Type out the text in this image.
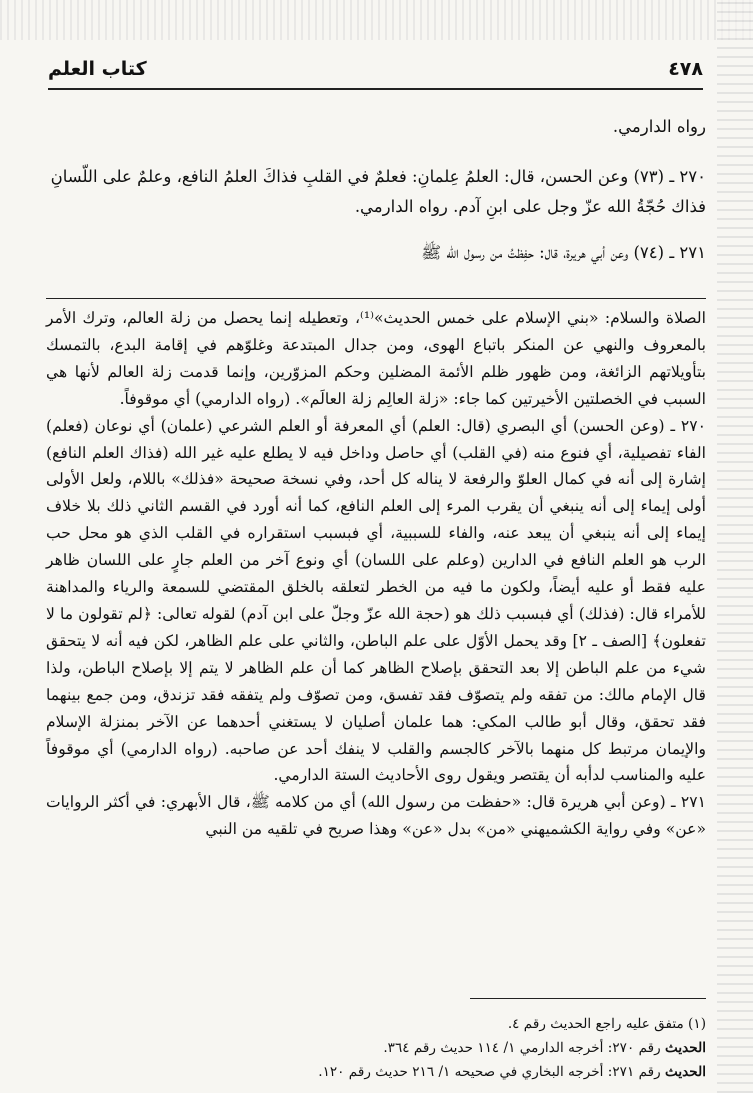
٤٧٨
كتاب العلم

رواه الدارمي.

٢٧٠ ـ (٧٣) وعن الحسن، قال: العلمُ عِلمانِ: فعلمٌ في القلبِ فذاكَ العلمُ النافع، وعلمٌ على اللّسانِ فذاك حُجّةُ الله عزّ وجل على ابنِ آدم. رواه الدارمي.

٢٧١ ـ (٧٤) وعن أبي هريرة، قال: حفِظتُ من رسول الله ﷺ

الصلاة والسلام: «بني الإسلام على خمس الحديث»⁽¹⁾، وتعطيله إنما يحصل من زلة العالم، وترك الأمر بالمعروف والنهي عن المنكر باتباع الهوى، ومن جدال المبتدعة وغلوّهم في إقامة البدع، بالتمسك بتأويلاتهم الزائغة، ومن ظهور ظلم الأئمة المضلين وحكم المزوّرين، وإنما قدمت زلة العالم لأنها هي السبب في الخصلتين الأخيرتين كما جاء: «زلة العالِم زلة العالَم». (رواه الدارمي) أي موقوفاً.

٢٧٠ ـ (وعن الحسن) أي البصري (قال: العلم) أي المعرفة أو العلم الشرعي (علمان) أي نوعان (فعلم) الفاء تفصيلية، أي فنوع منه (في القلب) أي حاصل وداخل فيه لا يطلع عليه غير الله (فذاك العلم النافع) إشارة إلى أنه في كمال العلوّ والرفعة لا يناله كل أحد، وفي نسخة صحيحة «فذلك» باللام، ولعل الأولى أولى إيماء إلى أنه ينبغي أن يقرب المرء إلى العلم النافع، كما أنه أورد في القسم الثاني ذلك بلا خلاف إيماء إلى أنه ينبغي أن يبعد عنه، والفاء للسببية، أي فبسبب استقراره في القلب الذي هو محل حب الرب هو العلم النافع في الدارين (وعلم على اللسان) أي ونوع آخر من العلم جارٍ على اللسان ظاهر عليه فقط أو عليه أيضاً، ولكون ما فيه من الخطر لتعلقه بالخلق المقتضي للسمعة والرياء والمداهنة للأمراء قال: (فذلك) أي فبسبب ذلك هو (حجة الله عزّ وجلّ على ابن آدم) لقوله تعالى: ﴿لم تقولون ما لا تفعلون﴾ [الصف ـ ٢] وقد يحمل الأوّل على علم الباطن، والثاني على علم الظاهر، لكن فيه أنه لا يتحقق شيء من علم الباطن إلا بعد التحقق بإصلاح الظاهر كما أن علم الظاهر لا يتم إلا بإصلاح الباطن، ولذا قال الإمام مالك: من تفقه ولم يتصوّف فقد تفسق، ومن تصوّف ولم يتفقه فقد تزندق، ومن جمع بينهما فقد تحقق، وقال أبو طالب المكي: هما علمان أصليان لا يستغني أحدهما عن الآخر بمنزلة الإسلام والإيمان مرتبط كل منهما بالآخر كالجسم والقلب لا ينفك أحد عن صاحبه. (رواه الدارمي) أي موقوفاً عليه والمناسب لدأبه أن يقتصر ويقول روى الأحاديث الستة الدارمي.

٢٧١ ـ (وعن أبي هريرة قال: «حفظت من رسول الله) أي من كلامه ﷺ، قال الأبهري: في أكثر الروايات «عن» وفي رواية الكشميهني «من» بدل «عن» وهذا صريح في تلقيه من النبي

(١) متفق عليه راجع الحديث رقم ٤.

الحديث رقم ٢٧٠: أخرجه الدارمي ١/ ١١٤ حديث رقم ٣٦٤.

الحديث رقم ٢٧١: أخرجه البخاري في صحيحه ١/ ٢١٦ حديث رقم ١٢٠.
